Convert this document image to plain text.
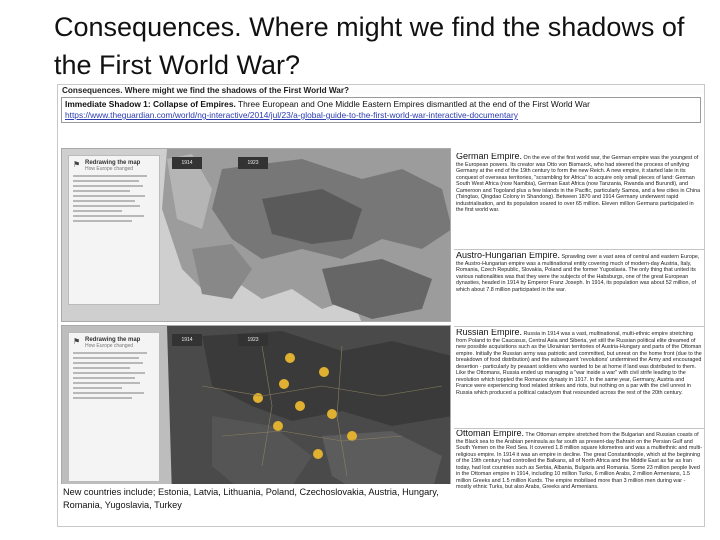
Consequences. Where might we find the shadows of the First World War?
Consequences. Where might we find the shadows of the First World War?
Immediate Shadow 1: Collapse of Empires. Three European and One Middle Eastern Empires dismantled at the end of the First World War
https://www.theguardian.com/world/ng-interactive/2014/jul/23/a-global-guide-to-the-first-world-war-interactive-documentary
⚑ Redrawing the map
How Europe changed
1914	1923
⚑ Redrawing the map
How Europe changed
1914	1923
New countries include; Estonia, Latvia, Lithuania, Poland, Czechoslovakia, Austria, Hungary, Romania, Yugoslavia, Turkey

German Empire. On the eve of the first world war, the German empire was the youngest of the European powers. Its creator was Otto von Bismarck, who had steered the process of unifying Germany at the end of the 19th century to form the new Reich. A new empire, it started late in its conquest of overseas territories, "scrambling for Africa" to acquire only small pieces of land: German South West Africa (now Namibia), German East Africa (now Tanzania, Rwanda and Burundi), and Cameroon and Togoland plus a few islands in the Pacific, particularly Samoa, and a few cities in China (Tsingtao, Qingdao Colony in Shandong). Between 1870 and 1914 Germany underwent rapid industrialisation, and its population soared to over 65 million. Eleven million Germans participated in the first world war.

Austro-Hungarian Empire. Sprawling over a vast area of central and eastern Europe, the Austro-Hungarian empire was a multinational entity covering much of modern-day Austria, Italy, Romania, Czech Republic, Slovakia, Poland and the former Yugoslavia. The only thing that united its various nationalities was that they were the subjects of the Habsburgs, one of the great European dynasties, headed in 1914 by Emperor Franz Joseph. In 1914, its population was about 52 million, of which about 7.8 million participated in the war.

Russian Empire. Russia in 1914 was a vast, multinational, multi-ethnic empire stretching from Poland to the Caucasus, Central Asia and Siberia, yet still the Russian political elite dreamed of new possible acquisitions such as the Ukrainian territories of Austria-Hungary and parts of the Ottoman empire. Initially the Russian army was patriotic and committed, but unrest on the home front (due to the breakdown of food distribution) and the subsequent 'revolutions' undermined the Army and encouraged desertion - particularly by peasant soldiers who wanted to be at home if land was distributed to them. Like the Ottomans, Russia ended up managing a "war inside a war" with civil strife leading to the revolution which toppled the Romanov dynasty in 1917. In the same year, Germany, Austria and France were experiencing food related strikes and riots, but nothing on a par with the civil unrest in Russia which produced a political cataclysm that resounded across the rest of the 20th century.

Ottoman Empire. The Ottoman empire stretched from the Bulgarian and Russian coasts of the Black sea to the Arabian peninsula as far south as present-day Bahrain on the Persian Gulf and South Yemen on the Red Sea. It covered 1.8 million square kilometres and was a multiethnic and multi-religious empire. In 1914 it was an empire in decline. The great Constantinople, which at the beginning of the 19th century had controlled the Balkans, all of North Africa and the Middle East as far as Iran today, had lost countries such as Serbia, Albania, Bulgaria and Romania. Some 23 million people lived in the Ottoman empire in 1914, including 10 million Turks, 6 million Arabs, 2 million Armenians, 1.5 million Greeks and 1.5 million Kurds. The empire mobilised more than 3 million men during war - mostly ethnic Turks, but also Arabs, Greeks and Armenians.
